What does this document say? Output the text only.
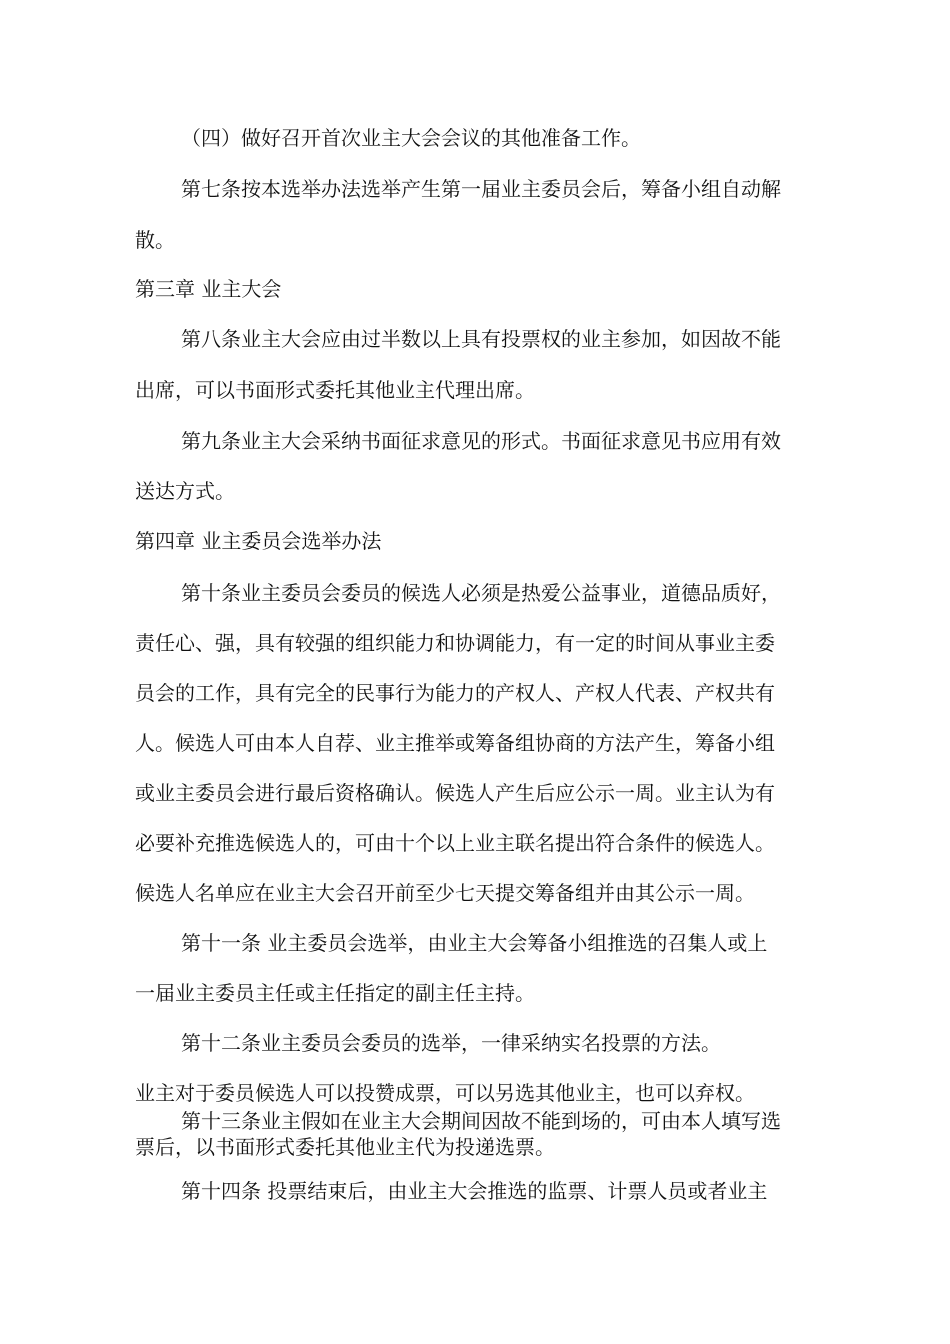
（四）做好召开首次业主大会会议的其他准备工作。
第七条按本选举办法选举产生第一届业主委员会后，筹备小组自动解
散。
第三章 业主大会
第八条业主大会应由过半数以上具有投票权的业主参加，如因故不能
出席，可以书面形式委托其他业主代理出席。
第九条业主大会采纳书面征求意见的形式。书面征求意见书应用有效
送达方式。
第四章 业主委员会选举办法
第十条业主委员会委员的候选人必须是热爱公益事业，道德品质好，
责任心、强，具有较强的组织能力和协调能力，有一定的时间从事业主委
员会的工作，具有完全的民事行为能力的产权人、产权人代表、产权共有
人。候选人可由本人自荐、业主推举或筹备组协商的方法产生，筹备小组
或业主委员会进行最后资格确认。候选人产生后应公示一周。业主认为有
必要补充推选候选人的，可由十个以上业主联名提出符合条件的候选人。
候选人名单应在业主大会召开前至少七天提交筹备组并由其公示一周。
第十一条 业主委员会选举，由业主大会筹备小组推选的召集人或上
一届业主委员主任或主任指定的副主任主持。
第十二条业主委员会委员的选举，一律采纳实名投票的方法。
业主对于委员候选人可以投赞成票，可以另选其他业主，也可以弃权。
第十三条业主假如在业主大会期间因故不能到场的，可由本人填写选
票后，以书面形式委托其他业主代为投递选票。
第十四条 投票结束后，由业主大会推选的监票、计票人员或者业主
